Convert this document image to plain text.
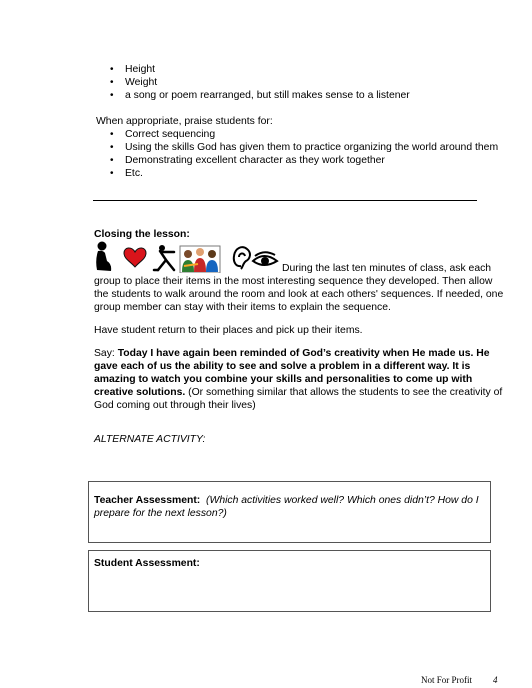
• Height
• Weight
• a song or poem rearranged, but still makes sense to a listener
When appropriate, praise students for:
• Correct sequencing
• Using the skills God has given them to practice organizing the world around them
• Demonstrating excellent character as they work together
• Etc.
Closing the lesson:
During the last ten minutes of class, ask each group to place their items in the most interesting sequence they developed. Then allow the students to walk around the room and look at each others' sequences. If needed, one group member can stay with their items to explain the sequence.
Have student return to their places and pick up their items.
Say: Today I have again been reminded of God’s creativity when He made us. He gave each of us the ability to see and solve a problem in a different way. It is amazing to watch you combine your skills and personalities to come up with creative solutions. (Or something similar that allows the students to see the creativity of God coming out through their lives)
ALTERNATE ACTIVITY:
Teacher Assessment: (Which activities worked well? Which ones didn’t? How do I prepare for the next lesson?)
Student Assessment:
Not For Profit 4
